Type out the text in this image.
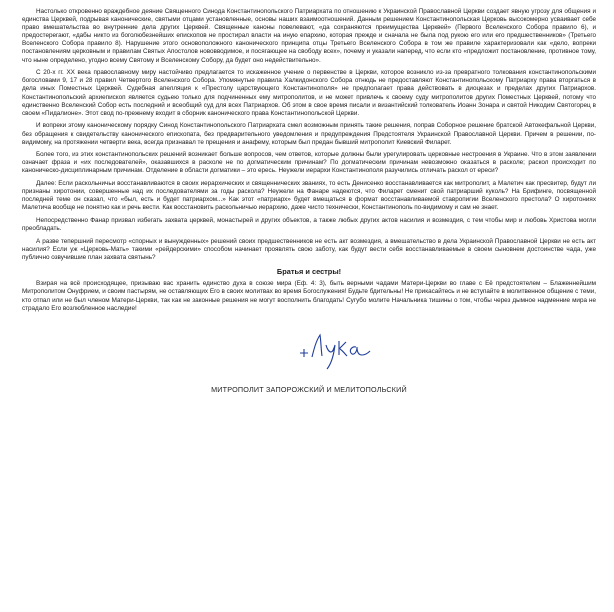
Настолько откровенно враждебное деяние Священного Синода Константинопольского Патриархата по отношению к Украинской Православной Церкви создает явную угрозу для общения и единства Церквей, подрывая канонические, святыми отцами установленные, основы наших взаимоотношений. Данным решением Константинопольская Церковь высокомерно усваивает себе право вмешательства во внутренние дела других Церквей. Священные каноны повелевают, «да сохраняются преимущества Церквей» (Первого Вселенского Собора правило 6), и предостерегают, «дабы никто из боголюбезнейших епископов не простирал власти на иную епархию, которая прежде и сначала не была под рукою его или его предшественников» (Третьего Вселенского Собора правило 8). Нарушение этого основоположного канонического принципа отцы Третьего Вселенского Собора в том же правиле характеризовали как «дело, вопреки постановлениям церковным и правилам Святых Апостолов нововводимое, и посягающее на свободу всех», почему и указали наперед, что если кто «предложит постановление, противное тому, что ныне определено, угодно всему Святому и Вселенскому Собору, да будет оно недействительно».

С 20-х гг. XX века православному миру настойчиво предлагается то искаженное учение о первенстве в Церкви, которое возникло из-за превратного толкования константинопольскими богословами 9, 17 и 28 правил Четвертого Вселенского Собора. Упомянутые правила Халкидонского Собора отнюдь не предоставляют Константинопольскому Патриарху права вторгаться в дела иных Поместных Церквей. Судебная апелляция к «Престолу царствующего Константинополя» не предполагает права действовать в диоцезах и пределах других Патриархов. Константинопольский архиепископ является судьею только для подчиненных ему митрополитов, и не может привлечь к своему суду митрополитов других Поместных Церквей, потому что единственно Вселенский Собор есть последний и всеобщий суд для всех Патриархов. Об этом в свое время писали и византийский толкователь Иоанн Зонара и святой Никодим Святогорец в своем «Пидалионе». Этот свод по-прежнему входит в сборник канонического права Константинопольской Церкви.

И вопреки этому каноническому порядку Синод Константинопольского Патриархата смел возможным принять такие решения, поправ Соборное решение братской Автокефальной Церкви, без обращения к свидетельству канонического епископата, без предварительного уведомления и предупреждения Предстоятеля Украинской Православной Церкви. Причем в решении, по-видимому, на протяжении четверти века, всегда признавал те прещения и анафему, которым был предан бывший митрополит Киевский Филарет.

Более того, из этих константинопольских решений возникает больше вопросов, чем ответов, которые должны были урегулировать церковные нестроения в Украине. Что в этом заявлении означает фраза и «их последователей», оказавшихся в расколе не по догматическим причинам? По догматическим причинам невозможно оказаться в расколе; раскол происходит по каноническо-дисциплинарным причинам. Отделение в области догматики – это ересь. Неужели иерархи Константинополя разучились отличать раскол от ереси?

Далее: Если раскольничьи восстанавливаются в своих иерархических и священнических званиях, то есть Денисенко восстанавливается как митрополит, а Малетич как пресвитер, будут ли признаны хиротонии, совершенные над их последователями за годы раскола? Неужели на Фанаре надеются, что Филарет сменит свой патриарший куколь? На Брифинге, посвященной последней теме он сказал, что «был, есть и будет патриархом...» Как этот «патриарх» будет вмещаться в формат восстанавливаемой ставропигии Вселенского престола? О хиротониях Малетича вообще не понятно как и речь вести. Как восстановить раскольничью иерархию, даже чисто технически, Константинополь по-видимому и сам не знает.

Непосредственно Фанар призвал избегать захвата церквей, монастырей и других объектов, а также любых других актов насилия и возмездия, с тем чтобы мир и любовь Христова могли преобладать.

А разве тепершний пересмотр «спорных и вынужденных» решений своих предшественников не есть акт возмездия, а вмешательство в дела Украинской Православной Церкви не есть акт насилия? Если уж «Церковь-Мать» такими «рейдерскими» способом начинает проявлять свою заботу, как будут вести себя восстанавливаемые в своем сыновнем достоинстве чада, уже публично озвучившие план захвата святынь?

Братья и сестры!

Взирая на всё происходящее, призываю вас хранить единство духа в союзе мира (Еф. 4: 3), быть верными чадами Матери-Церкви во главе с Её предстоятелем – Блаженнейшим Митрополитом Онуфрием, и своим пастырям, не оставляющих Его в своих молитвах во время Богослужения! Будьте бдительны! Не прикасайтесь и не вступайте в молитвенное общение с теми, кто отпал или не был членом Матери-Церкви, так как не законные решения не могут восполнить благодать! Сугубо молите Начальника тишины о том, чтобы через дымное надменние мира не страдало Его возлюбленное наследие!

МИТРОПОЛИТ ЗАПОРОЖСКИЙ И МЕЛИТОПОЛЬСКИЙ
